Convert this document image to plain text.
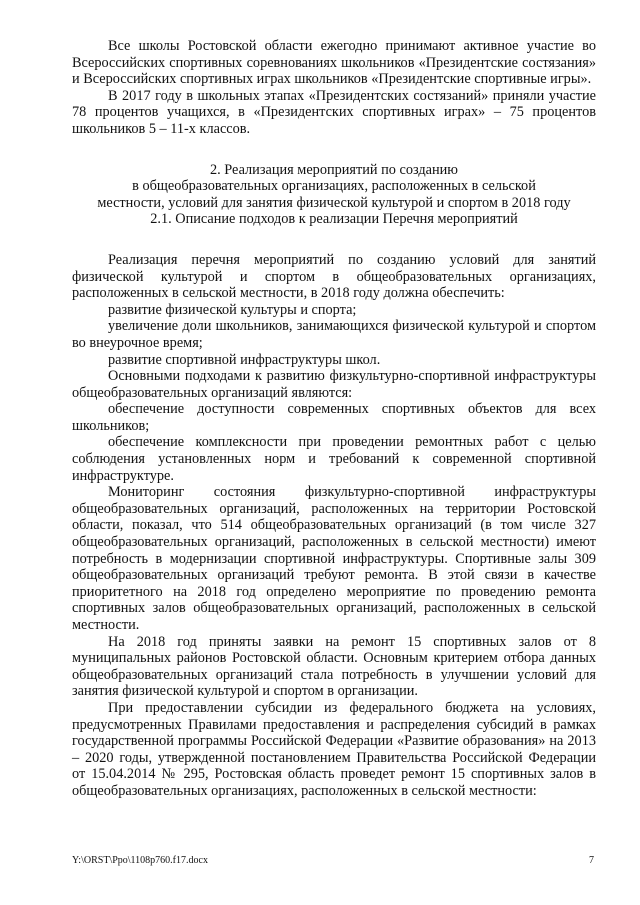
Все школы Ростовской области ежегодно принимают активное участие во Всероссийских спортивных соревнованиях школьников «Президентские состязания» и Всероссийских спортивных играх школьников «Президентские спортивные игры».

В 2017 году в школьных этапах «Президентских состязаний» приняли участие 78 процентов учащихся, в «Президентских спортивных играх» – 75 процентов школьников 5 – 11-х классов.

2. Реализация мероприятий по созданию
в общеобразовательных организациях, расположенных в сельской
местности, условий для занятия физической культурой и спортом в 2018 году
2.1. Описание подходов к реализации Перечня мероприятий

Реализация перечня мероприятий по созданию условий для занятий физической культурой и спортом в общеобразовательных организациях, расположенных в сельской местности, в 2018 году должна обеспечить:

развитие физической культуры и спорта;

увеличение доли школьников, занимающихся физической культурой и спортом во внеурочное время;

развитие спортивной инфраструктуры школ.

Основными подходами к развитию физкультурно-спортивной инфраструктуры общеобразовательных организаций являются:

обеспечение доступности современных спортивных объектов для всех школьников;

обеспечение комплексности при проведении ремонтных работ с целью соблюдения установленных норм и требований к современной спортивной инфраструктуре.

Мониторинг состояния физкультурно-спортивной инфраструктуры общеобразовательных организаций, расположенных на территории Ростовской области, показал, что 514 общеобразовательных организаций (в том числе 327 общеобразовательных организаций, расположенных в сельской местности) имеют потребность в модернизации спортивной инфраструктуры. Спортивные залы 309 общеобразовательных организаций требуют ремонта. В этой связи в качестве приоритетного на 2018 год определено мероприятие по проведению ремонта спортивных залов общеобразовательных организаций, расположенных в сельской местности.

На 2018 год приняты заявки на ремонт 15 спортивных залов от 8 муниципальных районов Ростовской области. Основным критерием отбора данных общеобразовательных организаций стала потребность в улучшении условий для занятия физической культурой и спортом в организации.

При предоставлении субсидии из федерального бюджета на условиях, предусмотренных Правилами предоставления и распределения субсидий в рамках государственной программы Российской Федерации «Развитие образования» на 2013 – 2020 годы, утвержденной постановлением Правительства Российской Федерации от 15.04.2014 № 295, Ростовская область проведет ремонт 15 спортивных залов в общеобразовательных организациях, расположенных в сельской местности:

Y:\ORST\Ppo\1108p760.f17.docx	7
